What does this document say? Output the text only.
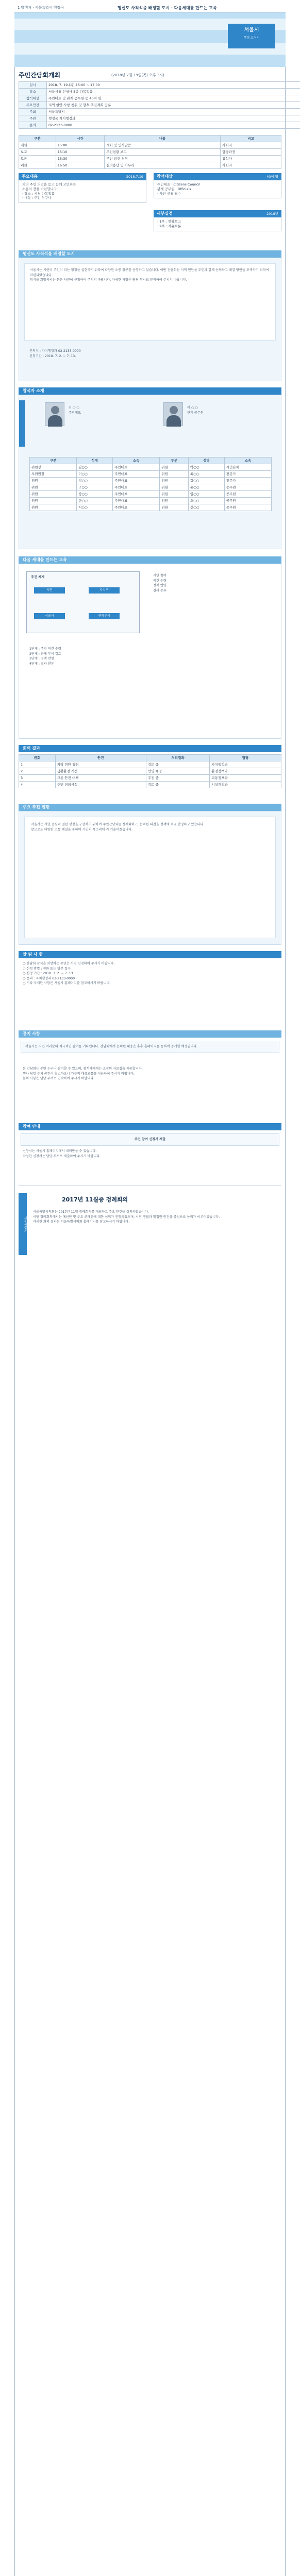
1 발행처 · 서울특별시 행정국	행신도 사직석을 배정할 도시 · 다음세대를 만드는 교육
서울시
행정 소식지
주민간담회개최	(2018년 7월 19일(목) 오후 3시)
일시	2018. 7. 19.(목) 15:00 ~ 17:00
장소	서울시청 신청사 8층 다목적홀
참석대상	주민대표 및 관계 공무원 등 40여 명
주요안건	지역 현안 사항 청취 및 향후 추진계획 공유
주최	서울특별시
주관	행정국 자치행정과
문의	02-2133-0000
구분	시간	내용	비고
개회	15:00	개회 및 인사말씀	사회자
보고	15:10	추진현황 보고	담당과장
토론	15:30	주민 의견 청취	참석자
폐회	16:50	질의응답 및 마무리	사회자
주요내용	2018.7.19
지역 주민 의견을 듣고 함께 고민하는
소통의 장을 마련합니다.
· 장소 : 시청 다목적홀
· 대상 : 주민 누구나
참석대상	40여 명
주민대표 · Citizens Council
관계 공무원 · Officials
· 사전 신청 필수
세부일정	2018년
· 1부 : 현황보고
· 2부 : 자유토론
행신도 사직석을 배정할 도시
서울시는 시민이 주인이 되는 행정을 실현하기 위하여 다양한 소통 창구를 운영하고 있습니다. 이번 간담회는 지역 현안을 주민과 함께 논의하고 해결 방안을 모색하기 위하여 마련되었습니다.
참석을 희망하시는 분은 사전에 신청하여 주시기 바랍니다. 자세한 사항은 담당 부서로 문의하여 주시기 바랍니다.
문의처 : 자치행정과 02-2133-0000
신청기간 : 2018. 7. 2. ~ 7. 13.
참석자 소개
김 ○ ○
주민대표
이 ○ ○
관계 공무원
구분	성명	소속	구분	성명	소속
위원장	김○○	주민대표	위원	박○○	시민단체
부위원장	이○○	주민대표	위원	최○○	전문가
위원	정○○	주민대표	위원	강○○	전문가
위원	조○○	주민대표	위원	윤○○	공무원
위원	장○○	주민대표	위원	임○○	공무원
위원	한○○	주민대표	위원	오○○	공무원
위원	서○○	주민대표	위원	신○○	공무원
다음 세대를 만드는 교육
추진 체계
시민	자치구
서울시	관계부서
시민 참여
의견 수렴
정책 반영
결과 공유
1단계 : 주민 의견 수렴
2단계 : 관계 부서 검토
3단계 : 정책 반영
4단계 : 결과 환류
회의 결과
번호	안건	처리결과	담당
1	지역 현안 청취	검토 중	자치행정과
2	생활환경 개선	반영 예정	환경정책과
3	교통 안전 대책	추진 중	교통정책과
4	주민 편의시설	검토 중	시설계획과
주요 추진 현황
서울시는 시민 중심의 열린 행정을 구현하기 위하여 주민간담회를 정례화하고, 논의된 의견을 정책에 적극 반영하고 있습니다.
앞으로도 다양한 소통 채널을 통하여 시민의 목소리에 귀 기울이겠습니다.
알 림 사 항
○ 간담회 참석을 희망하는 주민은 사전 신청하여 주시기 바랍니다.
○ 신청 방법 : 전화 또는 방문 접수
○ 신청 기간 : 2018. 7. 2. ~ 7. 13.
○ 문의 : 자치행정과 02-2133-0000
○ 기타 자세한 사항은 서울시 홈페이지를 참고하시기 바랍니다.
공지 사항
서울시는 시민 여러분의 적극적인 참여를 기다립니다. 간담회에서 논의된 내용은 추후 홈페이지를 통하여 공개할 예정입니다.
본 간담회는 주민 누구나 참여할 수 있으며, 참석자에게는 소정의 자료집을 제공합니다.
행사 당일 주차 공간이 협소하오니 가급적 대중교통을 이용하여 주시기 바랍니다.
문의 사항은 담당 부서로 연락하여 주시기 바랍니다.
참여 안내
주민 참여 신청서 제출
신청서는 서울시 홈페이지에서 내려받을 수 있습니다.
작성한 신청서는 담당 부서로 제출하여 주시기 바랍니다.
서울시정보
2017년 11월중 정례회의
서울특별시의회는 2017년 11월 정례회의를 개최하고 주요 안건을 심의하였습니다.
이번 정례회의에서는 예산안 및 주요 조례안에 대한 심의가 진행되었으며, 시민 생활과 밀접한 안건을 중심으로 논의가 이루어졌습니다.
자세한 회의 결과는 서울특별시의회 홈페이지를 참고하시기 바랍니다.
